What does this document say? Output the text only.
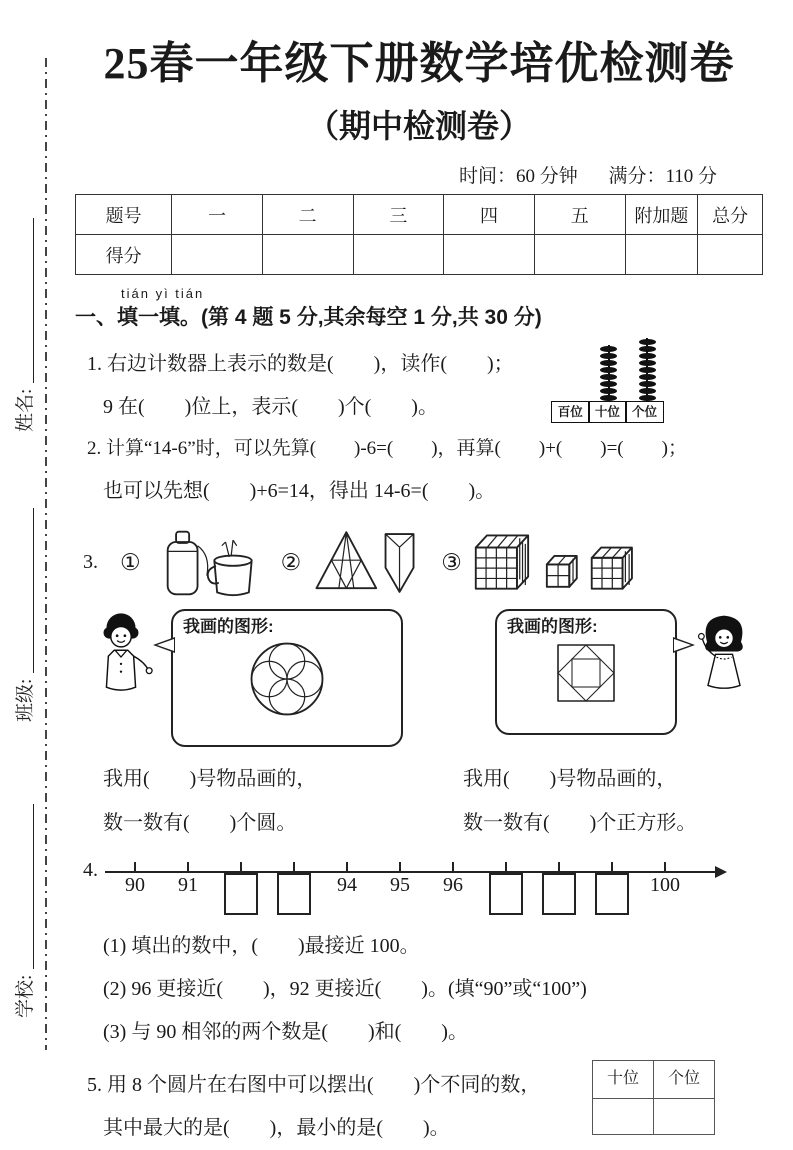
姓名:
班级:
学校:
25春一年级下册数学培优检测卷
（期中检测卷）
时间：60 分钟 满分：110 分
题号	一	二	三	四	五	附加题	总分
得分							
tián yì tián
一、填一填。(第 4 题 5 分,其余每空 1 分,共 30 分)
1. 右边计数器上表示的数是(　　)，读作(　　)；
9 在(　　)位上，表示(　　)个(　　)。	百位 十位 个位
2. 计算“14-6”时，可以先算(　　)-6=(　　)，再算(　　)+(　　)=(　　)；
也可以先想(　　)+6=14，得出 14-6=(　　)。
3. ①	②	③
我画的图形:	我画的图形:
我用(　　)号物品画的，
数一数有(　　)个圆。
我用(　　)号物品画的，
数一数有(　　)个正方形。
4.
90 91	94 95 96	100
(1) 填出的数中，(　　)最接近 100。
(2) 96 更接近(　　)，92 更接近(　　)。(填“90”或“100”)
(3) 与 90 相邻的两个数是(　　)和(　　)。
5. 用 8 个圆片在右图中可以摆出(　　)个不同的数，
其中最大的是(　　)，最小的是(　　)。
十位	个位
